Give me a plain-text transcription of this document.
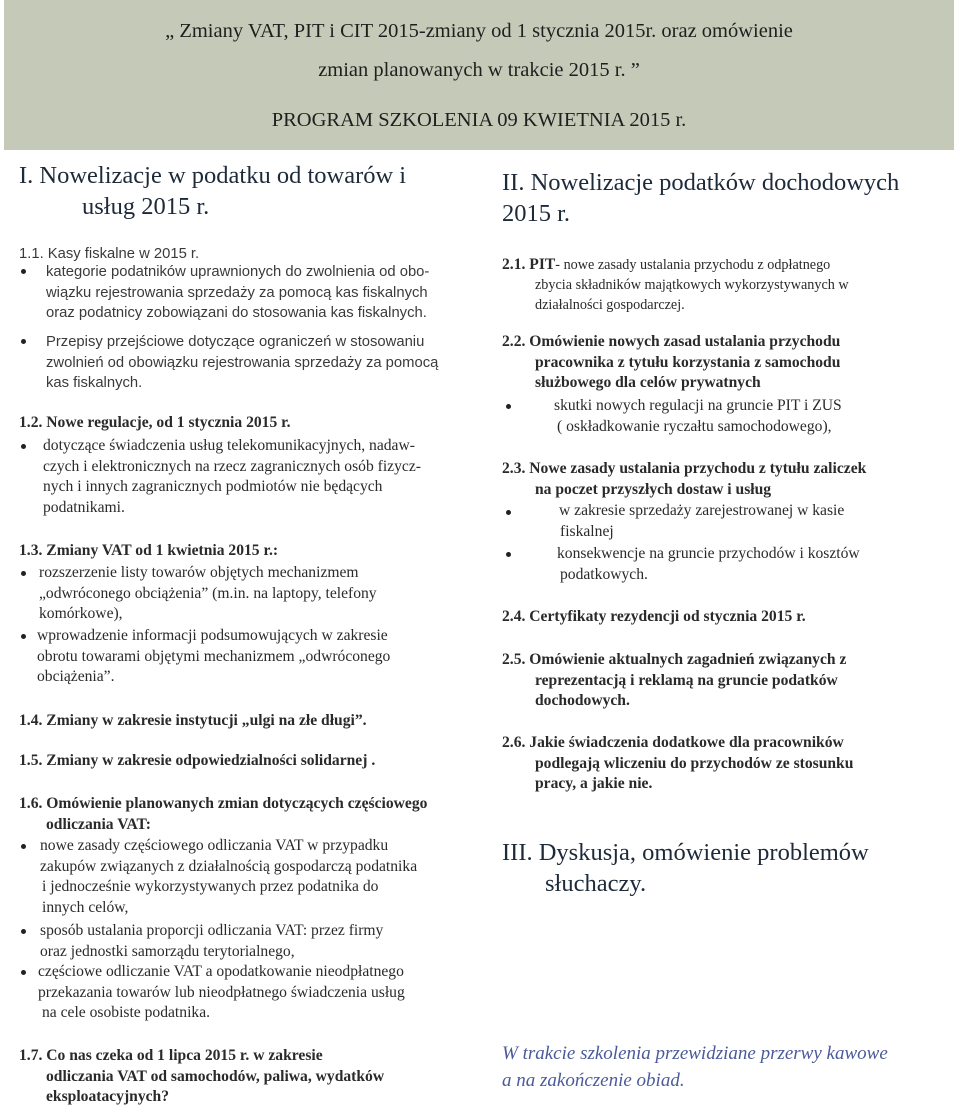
„ Zmiany VAT, PIT i CIT 2015-zmiany od 1 stycznia 2015r. oraz omówienie
zmian planowanych w trakcie 2015 r. ”
PROGRAM SZKOLENIA 09 KWIETNIA 2015 r.
I. Nowelizacje w podatku od towarów i
usług 2015 r.
1.1. Kasy fiskalne w 2015 r.
kategorie podatników uprawnionych do zwolnienia od obo-
wiązku rejestrowania sprzedaży za pomocą kas fiskalnych
oraz podatnicy zobowiązani do stosowania kas fiskalnych.
Przepisy przejściowe dotyczące ograniczeń w stosowaniu
zwolnień od obowiązku rejestrowania sprzedaży za pomocą
kas fiskalnych.
1.2. Nowe regulacje, od 1 stycznia 2015 r.
dotyczące świadczenia usług telekomunikacyjnych, nadaw-
czych i elektronicznych na rzecz zagranicznych osób fizycz-
nych i innych zagranicznych podmiotów nie będących
podatnikami.
1.3. Zmiany VAT od 1 kwietnia 2015 r.:
rozszerzenie listy towarów objętych mechanizmem
„odwróconego obciążenia” (m.in. na laptopy, telefony
komórkowe),
wprowadzenie informacji podsumowujących w zakresie
obrotu towarami objętymi mechanizmem „odwróconego
obciążenia”.
1.4. Zmiany w zakresie instytucji „ulgi na złe długi”.
1.5. Zmiany w zakresie odpowiedzialności solidarnej .
1.6. Omówienie planowanych zmian dotyczących częściowego
odliczania VAT:
nowe zasady częściowego odliczania VAT w przypadku
zakupów związanych z działalnością gospodarczą podatnika
i jednocześnie wykorzystywanych przez podatnika do
innych celów,
sposób ustalania proporcji odliczania VAT: przez firmy
oraz jednostki samorządu terytorialnego,
częściowe odliczanie VAT a opodatkowanie nieodpłatnego
przekazania towarów lub nieodpłatnego świadczenia usług
na cele osobiste podatnika.
1.7. Co nas czeka od 1 lipca 2015 r. w zakresie
odliczania VAT od samochodów, paliwa, wydatków
eksploatacyjnych?
II. Nowelizacje podatków dochodowych
2015 r.
2.1. PIT- nowe zasady ustalania przychodu z odpłatnego
zbycia składników majątkowych wykorzystywanych w
działalności gospodarczej.
2.2. Omówienie nowych zasad ustalania przychodu
pracownika z tytułu korzystania z samochodu
służbowego dla celów prywatnych
skutki nowych regulacji na gruncie PIT i ZUS
( oskładkowanie ryczałtu samochodowego),
2.3. Nowe zasady ustalania przychodu z tytułu zaliczek
na poczet przyszłych dostaw i usług
w zakresie sprzedaży zarejestrowanej w kasie
fiskalnej
konsekwencje na gruncie przychodów i kosztów
podatkowych.
2.4. Certyfikaty rezydencji od stycznia 2015 r.
2.5. Omówienie aktualnych zagadnień związanych z
reprezentacją i reklamą na gruncie podatków
dochodowych.
2.6. Jakie świadczenia dodatkowe dla pracowników
podlegają wliczeniu do przychodów ze stosunku
pracy, a jakie nie.
III. Dyskusja, omówienie problemów
słuchaczy.
W trakcie szkolenia przewidziane przerwy kawowe
a na zakończenie obiad.
